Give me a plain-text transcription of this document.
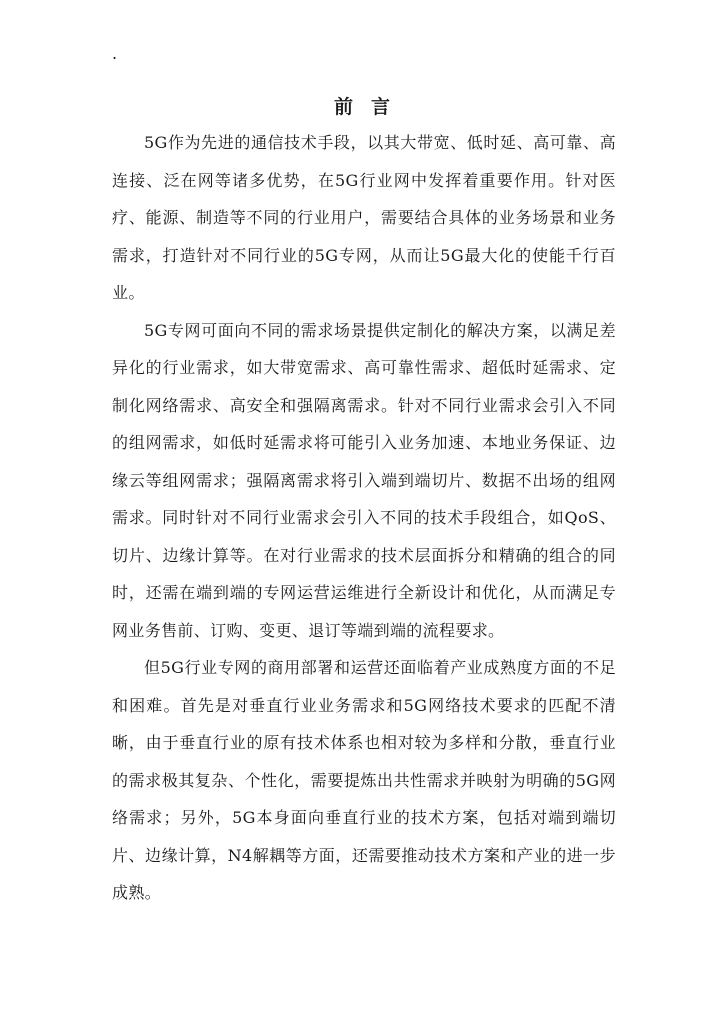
.
前言

5G作为先进的通信技术手段，以其大带宽、低时延、高可靠、高连接、泛在网等诸多优势，在5G行业网中发挥着重要作用。针对医疗、能源、制造等不同的行业用户，需要结合具体的业务场景和业务需求，打造针对不同行业的5G专网，从而让5G最大化的使能千行百业。

5G专网可面向不同的需求场景提供定制化的解决方案，以满足差异化的行业需求，如大带宽需求、高可靠性需求、超低时延需求、定制化网络需求、高安全和强隔离需求。针对不同行业需求会引入不同的组网需求，如低时延需求将可能引入业务加速、本地业务保证、边缘云等组网需求；强隔离需求将引入端到端切片、数据不出场的组网需求。同时针对不同行业需求会引入不同的技术手段组合，如QoS、切片、边缘计算等。在对行业需求的技术层面拆分和精确的组合的同时，还需在端到端的专网运营运维进行全新设计和优化，从而满足专网业务售前、订购、变更、退订等端到端的流程要求。

但5G行业专网的商用部署和运营还面临着产业成熟度方面的不足和困难。首先是对垂直行业业务需求和5G网络技术要求的匹配不清晰，由于垂直行业的原有技术体系也相对较为多样和分散，垂直行业的需求极其复杂、个性化，需要提炼出共性需求并映射为明确的5G网络需求；另外，5G本身面向垂直行业的技术方案，包括对端到端切片、边缘计算，N4解耦等方面，还需要推动技术方案和产业的进一步成熟。
